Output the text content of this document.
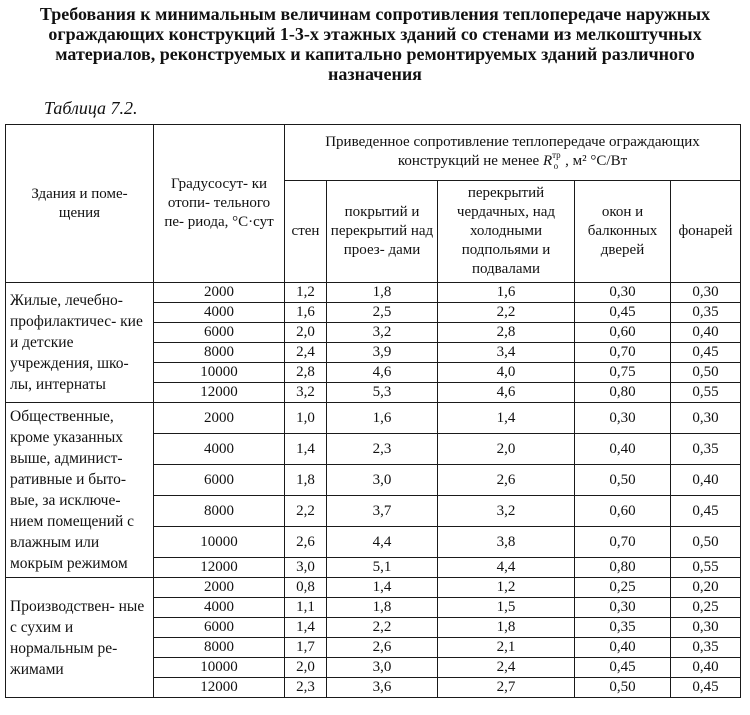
Требования к минимальным величинам сопротивления теплопередаче наружных
ограждающих конструкций 1-3-х этажных зданий со стенами из мелкоштучных
материалов, реконструемых и капитально ремонтируемых зданий различного
назначения
Таблица 7.2.
Здания и поме- щения	Градусосут- ки отопи- тельного пе- риода, °С·сут	Приведенное сопротивление теплопередаче ограждающих
конструкций не менее $R^{тр}_о$ , м² °С/Вт				

		стен	покрытий и перекрытий над проез- дами	перекрытий чердачных, над холодными подпольями и подвалами	окон и балконных дверей	фонарей
Жилые, лечебно- профилактичес- кие и детские учреждения, шко- лы, интернаты	2000	1,2	1,8	1,6	0,30	0,30
	4000	1,6	2,5	2,2	0,45	0,35
	6000	2,0	3,2	2,8	0,60	0,40
	8000	2,4	3,9	3,4	0,70	0,45
	10000	2,8	4,6	4,0	0,75	0,50
	12000	3,2	5,3	4,6	0,80	0,55
Общественные, кроме указанных выше, админист- ративные и быто- вые, за исключе- нием помещений с влажным или мокрым режимом	2000	1,0	1,6	1,4	0,30	0,30
	4000	1,4	2,3	2,0	0,40	0,35
	6000	1,8	3,0	2,6	0,50	0,40
	8000	2,2	3,7	3,2	0,60	0,45
	10000	2,6	4,4	3,8	0,70	0,50
	12000	3,0	5,1	4,4	0,80	0,55
Производствен- ные с сухим и нормальным ре- жимами	2000	0,8	1,4	1,2	0,25	0,20
	4000	1,1	1,8	1,5	0,30	0,25
	6000	1,4	2,2	1,8	0,35	0,30
	8000	1,7	2,6	2,1	0,40	0,35
	10000	2,0	3,0	2,4	0,45	0,40
	12000	2,3	3,6	2,7	0,50	0,45
